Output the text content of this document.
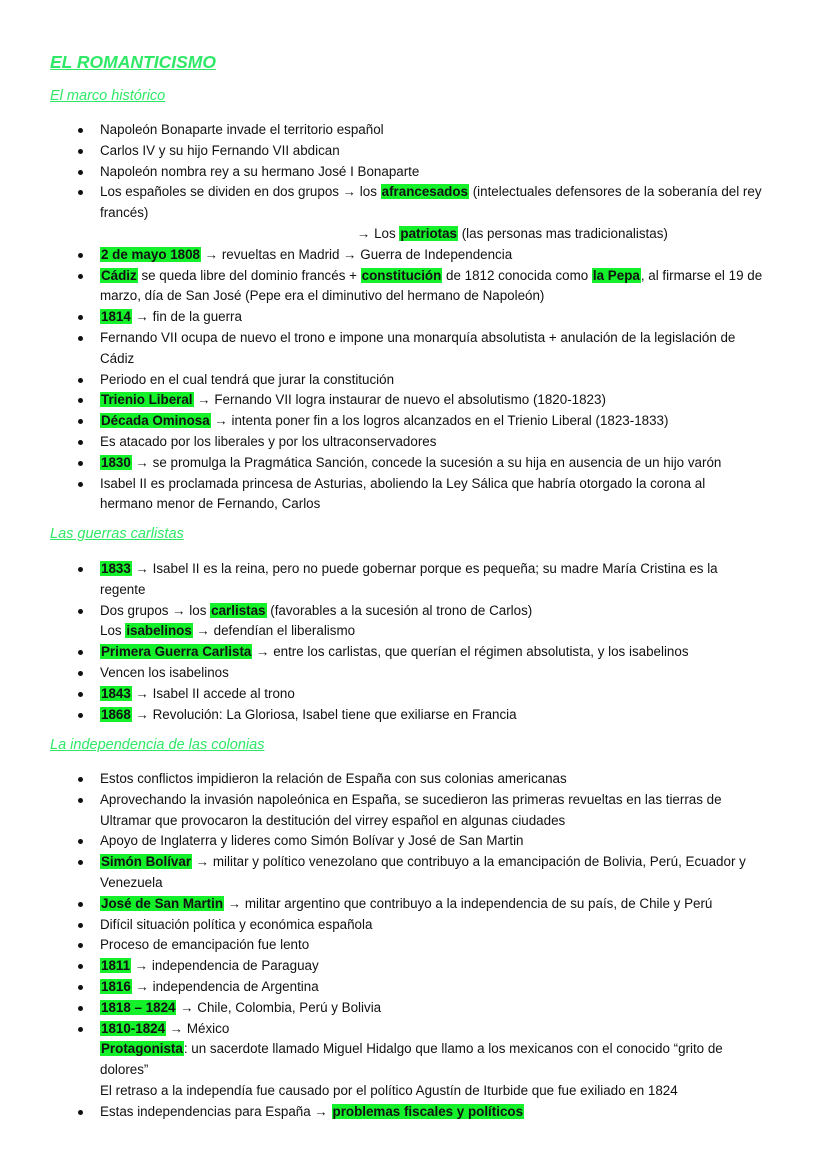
EL ROMANTICISMO

El marco histórico

Napoleón Bonaparte invade el territorio español
Carlos IV y su hijo Fernando VII abdican
Napoleón nombra rey a su hermano José I Bonaparte
Los españoles se dividen en dos grupos → los afrancesados (intelectuales defensores de la soberanía del rey
francés)
→ Los patriotas (las personas mas tradicionalistas)
2 de mayo 1808 → revueltas en Madrid → Guerra de Independencia
Cádiz se queda libre del dominio francés + constitución de 1812 conocida como la Pepa, al firmarse el 19 de
marzo, día de San José (Pepe era el diminutivo del hermano de Napoleón)
1814 → fin de la guerra
Fernando VII ocupa de nuevo el trono e impone una monarquía absolutista + anulación de la legislación de
Cádiz
Periodo en el cual tendrá que jurar la constitución
Trienio Liberal → Fernando VII logra instaurar de nuevo el absolutismo (1820-1823)
Década Ominosa → intenta poner fin a los logros alcanzados en el Trienio Liberal (1823-1833)
Es atacado por los liberales y por los ultraconservadores
1830 → se promulga la Pragmática Sanción, concede la sucesión a su hija en ausencia de un hijo varón
Isabel II es proclamada princesa de Asturias, aboliendo la Ley Sálica que habría otorgado la corona al
hermano menor de Fernando, Carlos

Las guerras carlistas

1833 → Isabel II es la reina, pero no puede gobernar porque es pequeña; su madre María Cristina es la
regente
Dos grupos → los carlistas (favorables a la sucesión al trono de Carlos)
Los isabelinos → defendían el liberalismo
Primera Guerra Carlista → entre los carlistas, que querían el régimen absolutista, y los isabelinos
Vencen los isabelinos
1843 → Isabel II accede al trono
1868 → Revolución: La Gloriosa, Isabel tiene que exiliarse en Francia

La independencia de las colonias

Estos conflictos impidieron la relación de España con sus colonias americanas
Aprovechando la invasión napoleónica en España, se sucedieron las primeras revueltas en las tierras de
Ultramar que provocaron la destitución del virrey español en algunas ciudades
Apoyo de Inglaterra y lideres como Simón Bolívar y José de San Martin
Simón Bolívar → militar y político venezolano que contribuyo a la emancipación de Bolivia, Perú, Ecuador y
Venezuela
José de San Martin → militar argentino que contribuyo a la independencia de su país, de Chile y Perú
Difícil situación política y económica española
Proceso de emancipación fue lento
1811 → independencia de Paraguay
1816 → independencia de Argentina
1818 – 1824 → Chile, Colombia, Perú y Bolivia
1810-1824 → México
Protagonista: un sacerdote llamado Miguel Hidalgo que llamo a los mexicanos con el conocido “grito de
dolores”
El retraso a la independía fue causado por el político Agustín de Iturbide que fue exiliado en 1824
Estas independencias para España → problemas fiscales y políticos
